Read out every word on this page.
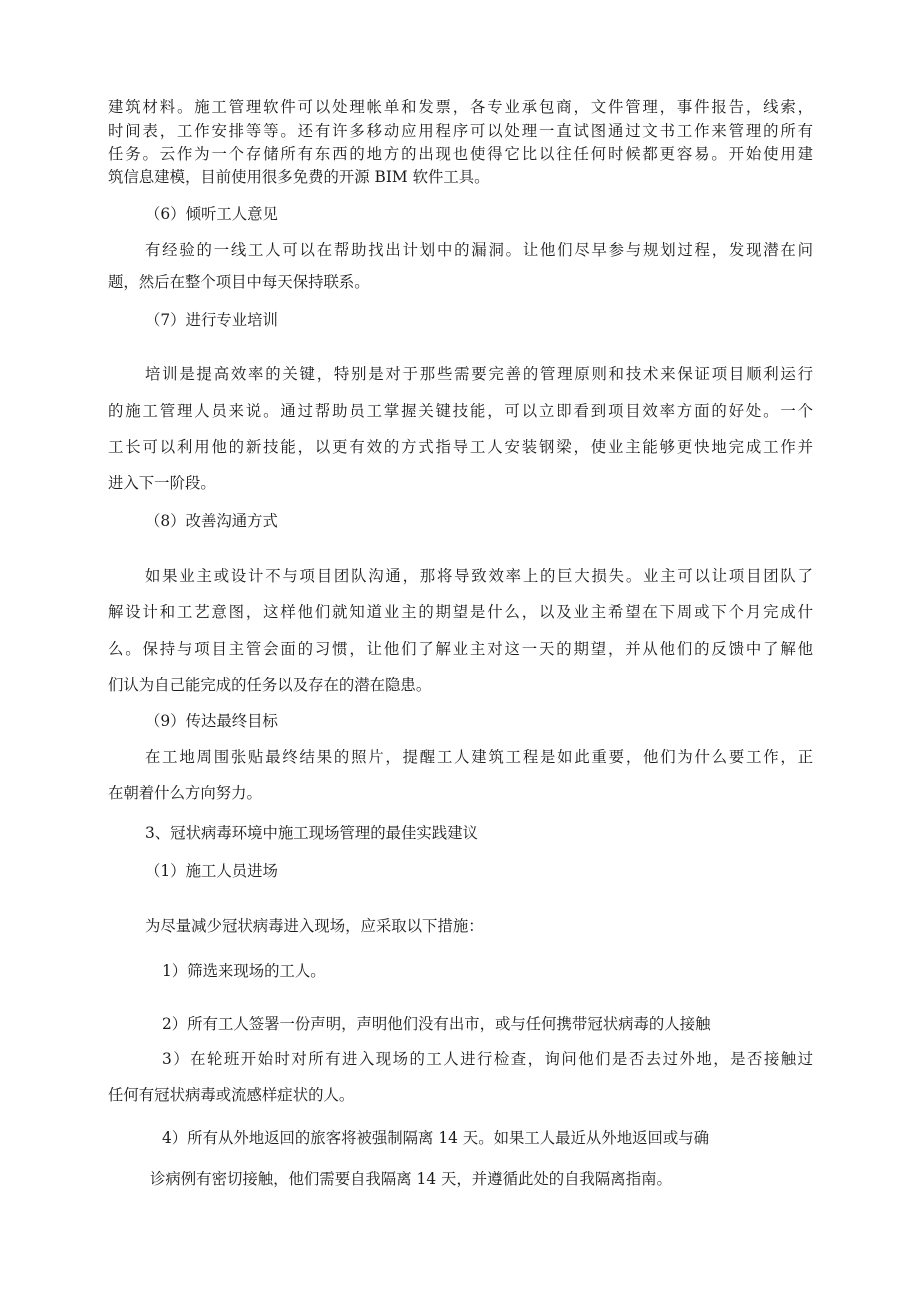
建筑材料。施工管理软件可以处理帐单和发票，各专业承包商，文件管理，事件报告，线索，
时间表，工作安排等等。还有许多移动应用程序可以处理一直试图通过文书工作来管理的所有
任务。云作为一个存储所有东西的地方的出现也使得它比以往任何时候都更容易。开始使用建
筑信息建模，目前使用很多免费的开源 BIM 软件工具。
（6）倾听工人意见
有经验的一线工人可以在帮助找出计划中的漏洞。让他们尽早参与规划过程，发现潜在问
题，然后在整个项目中每天保持联系。
（7）进行专业培训
培训是提高效率的关键，特别是对于那些需要完善的管理原则和技术来保证项目顺利运行
的施工管理人员来说。通过帮助员工掌握关键技能，可以立即看到项目效率方面的好处。一个
工长可以利用他的新技能，以更有效的方式指导工人安装钢梁，使业主能够更快地完成工作并
进入下一阶段。
（8）改善沟通方式
如果业主或设计不与项目团队沟通，那将导致效率上的巨大损失。业主可以让项目团队了
解设计和工艺意图，这样他们就知道业主的期望是什么，以及业主希望在下周或下个月完成什
么。保持与项目主管会面的习惯，让他们了解业主对这一天的期望，并从他们的反馈中了解他
们认为自己能完成的任务以及存在的潜在隐患。
（9）传达最终目标
在工地周围张贴最终结果的照片，提醒工人建筑工程是如此重要，他们为什么要工作，正
在朝着什么方向努力。
3、冠状病毒环境中施工现场管理的最佳实践建议
（1）施工人员进场
为尽量减少冠状病毒进入现场，应采取以下措施：
1）筛选来现场的工人。
2）所有工人签署一份声明，声明他们没有出市，或与任何携带冠状病毒的人接触
3）在轮班开始时对所有进入现场的工人进行检查，询问他们是否去过外地，是否接触过
任何有冠状病毒或流感样症状的人。
4）所有从外地返回的旅客将被强制隔离 14 天。如果工人最近从外地返回或与确
诊病例有密切接触，他们需要自我隔离 14 天，并遵循此处的自我隔离指南。
